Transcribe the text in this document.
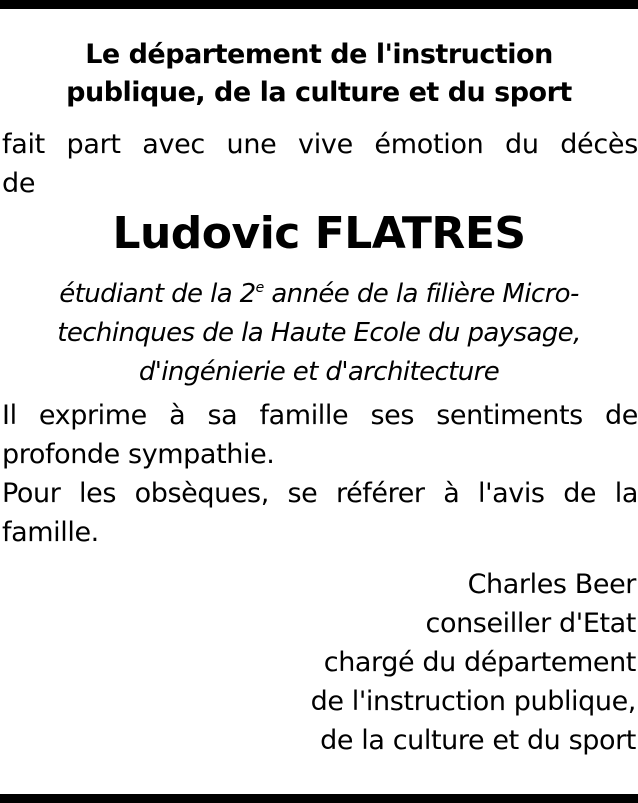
Le département de l'instruction
publique, de la culture et du sport
fait part avec une vive émotion du décès
de
Ludovic FLATRES
étudiant de la 2e année de la filière Micro-
techinques de la Haute Ecole du paysage,
d'ingénierie et d'architecture
Il exprime à sa famille ses sentiments de
profonde sympathie.
Pour les obsèques, se référer à l'avis de la
famille.
Charles Beer
conseiller d'Etat
chargé du département
de l'instruction publique,
de la culture et du sport
